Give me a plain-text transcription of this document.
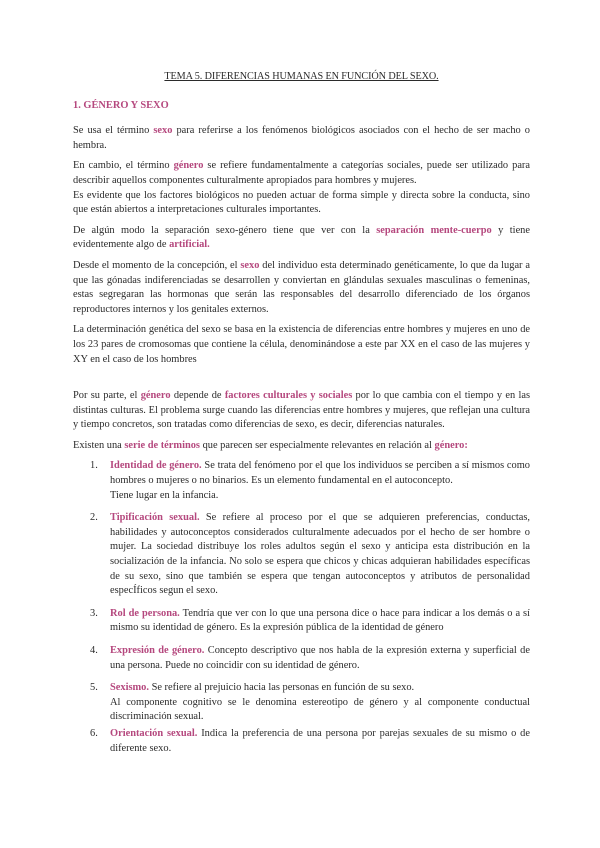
TEMA 5. DIFERENCIAS HUMANAS EN FUNCIÓN DEL SEXO.
1. GÉNERO Y SEXO

Se usa el término sexo para referirse a los fenómenos biológicos asociados con el hecho de ser macho o hembra.

En cambio, el término género se refiere fundamentalmente a categorías sociales, puede ser utilizado para describir aquellos componentes culturalmente apropiados para hombres y mujeres.

Es evidente que los factores biológicos no pueden actuar de forma simple y directa sobre la conducta, sino que están abiertos a interpretaciones culturales importantes.

De algún modo la separación sexo-género tiene que ver con la separación mente-cuerpo y tiene evidentemente algo de artificial.

Desde el momento de la concepción, el sexo del individuo esta determinado genéticamente, lo que da lugar a que las gónadas indiferenciadas se desarrollen y conviertan en glándulas sexuales masculinas o femeninas, estas segregaran las hormonas que serán las responsables del desarrollo diferenciado de los órganos reproductores internos y los genitales externos.

La determinación genética del sexo se basa en la existencia de diferencias entre hombres y mujeres en uno de los 23 pares de cromosomas que contiene la célula, denominándose a este par XX en el caso de las mujeres y XY en el caso de los hombres

Por su parte, el género depende de factores culturales y sociales por lo que cambia con el tiempo y en las distintas culturas. El problema surge cuando las diferencias entre hombres y mujeres, que reflejan una cultura y tiempo concretos, son tratadas como diferencias de sexo, es decir, diferencias naturales.

Existen una serie de términos que parecen ser especialmente relevantes en relación al género:

1. Identidad de género. Se trata del fenómeno por el que los individuos se perciben a sí mismos como hombres o mujeres o no binarios. Es un elemento fundamental en el autoconcepto.
Tiene lugar en la infancia.
2. Tipificación sexual. Se refiere al proceso por el que se adquieren preferencias, conductas, habilidades y autoconceptos considerados culturalmente adecuados por el hecho de ser hombre o mujer. La sociedad distribuye los roles adultos según el sexo y anticipa esta distribución en la socialización de la infancia. No solo se espera que chicos y chicas adquieran habilidades específicas de su sexo, sino que también se espera que tengan autoconceptos y atributos de personalidad especÍficos segun el sexo.
3. Rol de persona. Tendría que ver con lo que una persona dice o hace para indicar a los demás o a sí mismo su identidad de género. Es la expresión pública de la identidad de género
4. Expresión de género. Concepto descriptivo que nos habla de la expresión externa y superficial de una persona. Puede no coincidir con su identidad de género.
5. Sexismo. Se refiere al prejuicio hacia las personas en función de su sexo.
Al componente cognitivo se le denomina estereotipo de género y al componente conductual discriminación sexual.
6. Orientación sexual. Indica la preferencia de una persona por parejas sexuales de su mismo o de diferente sexo.
